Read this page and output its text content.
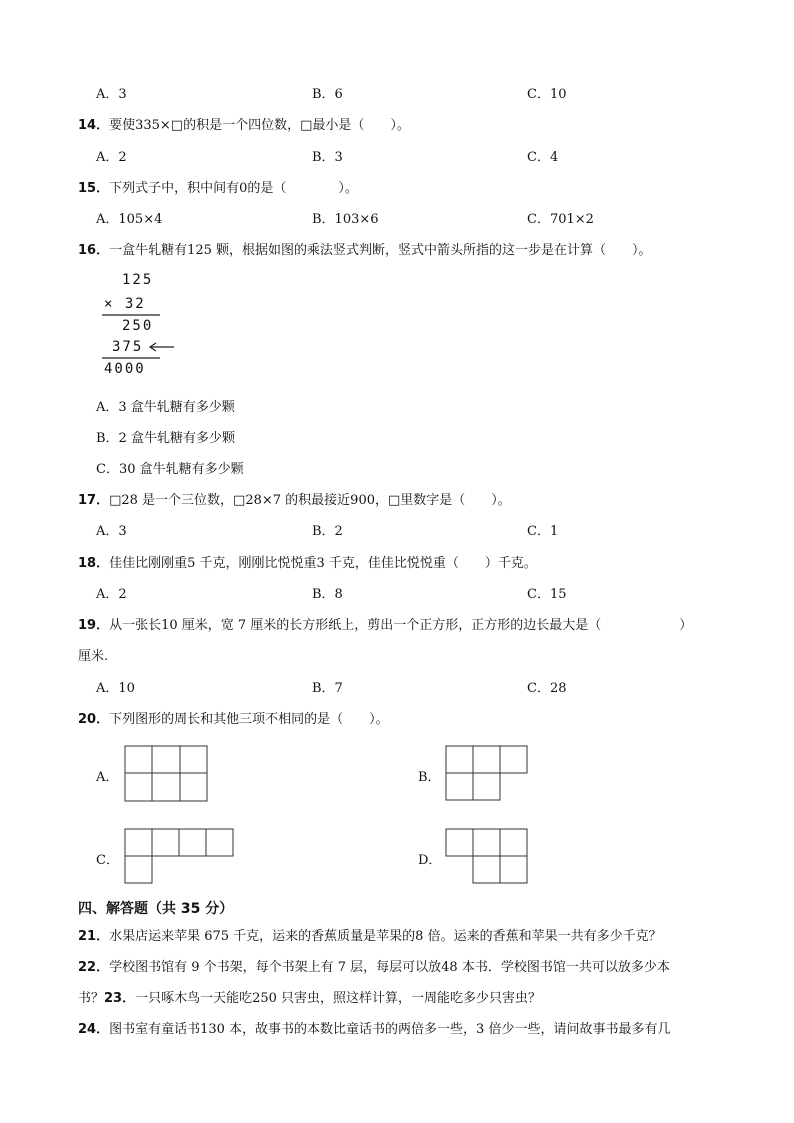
A．3	B．6	C．10
14．要使335×□的积是一个四位数，□最小是（　　）。
A．2	B．3	C．4
15．下列式子中，积中间有0的是（　　　　）。
A．105×4	B．103×6	C．701×2
16．一盒牛轧糖有125 颗，根据如图的乘法竖式判断，竖式中箭头所指的这一步是在计算（　　）。
125
× 32
250
375
4000
A．3 盒牛轧糖有多少颗
B．2 盒牛轧糖有多少颗
C．30 盒牛轧糖有多少颗
17．□28 是一个三位数，□28×7 的积最接近900，□里数字是（　　）。
A．3	B．2	C．1
18．佳佳比刚刚重5 千克，刚刚比悦悦重3 千克，佳佳比悦悦重（　　）千克。
A．2	B．8	C．15
19．从一张长10 厘米，宽 7 厘米的长方形纸上，剪出一个正方形，正方形的边长最大是（　　　　　　）
厘米.
A．10	B．7	C．28
20．下列图形的周长和其他三项不相同的是（　　）。
A．	B．
C．	D．
四、解答题（共 35 分）
21．水果店运来苹果 675 千克，运来的香蕉质量是苹果的8 倍。运来的香蕉和苹果一共有多少千克？
22．学校图书馆有 9 个书架，每个书架上有 7 层，每层可以放48 本书．学校图书馆一共可以放多少本
书？23．一只啄木鸟一天能吃250 只害虫，照这样计算，一周能吃多少只害虫？
24．图书室有童话书130 本，故事书的本数比童话书的两倍多一些，3 倍少一些，请问故事书最多有几
